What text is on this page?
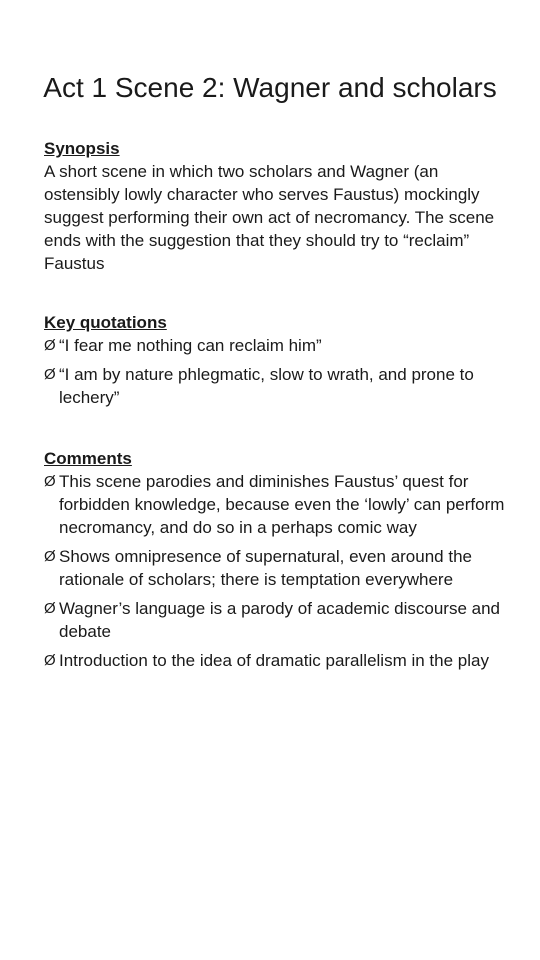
Act 1 Scene 2: Wagner and scholars

Synopsis

A short scene in which two scholars and Wagner (an ostensibly lowly character who serves Faustus) mockingly suggest performing their own act of necromancy. The scene ends with the suggestion that they should try to “reclaim” Faustus

Key quotations

Ø “I fear me nothing can reclaim him”
Ø “I am by nature phlegmatic, slow to wrath, and prone to lechery”

Comments

Ø This scene parodies and diminishes Faustus’ quest for forbidden knowledge, because even the ‘lowly’ can perform necromancy, and do so in a perhaps comic way
Ø Shows omnipresence of supernatural, even around the rationale of scholars; there is temptation everywhere
Ø Wagner’s language is a parody of academic discourse and debate
Ø Introduction to the idea of dramatic parallelism in the play
